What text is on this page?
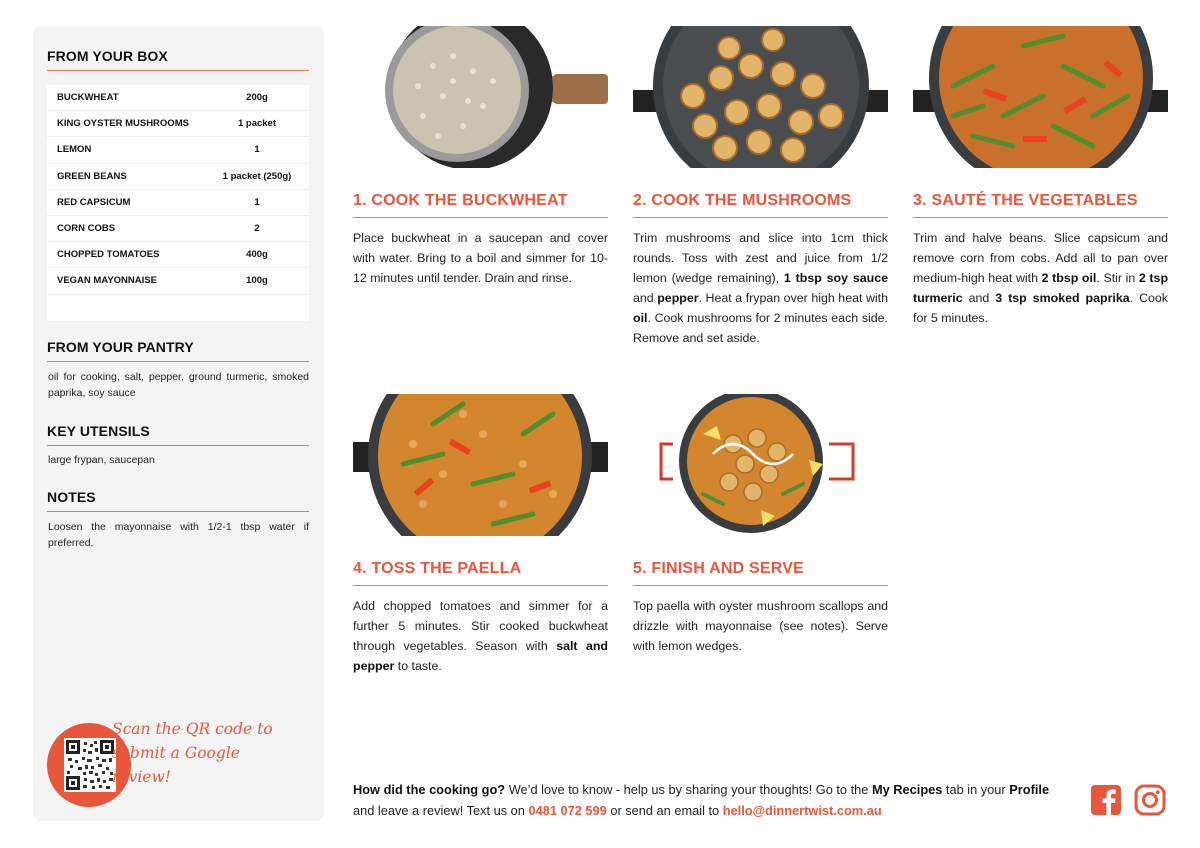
FROM YOUR BOX
BUCKWHEAT	200g
KING OYSTER MUSHROOMS	1 packet
LEMON	1
GREEN BEANS	1 packet (250g)
RED CAPSICUM	1
CORN COBS	2
CHOPPED TOMATOES	400g
VEGAN MAYONNAISE	100g
FROM YOUR PANTRY
oil for cooking, salt, pepper, ground turmeric, smoked paprika, soy sauce
KEY UTENSILS
large frypan, saucepan
NOTES
Loosen the mayonnaise with 1/2-1 tbsp water if preferred.
Scan the QR code to
submit a Google review!
1. COOK THE BUCKWHEAT
Place buckwheat in a saucepan and cover with water. Bring to a boil and simmer for 10-12 minutes until tender. Drain and rinse.
2. COOK THE MUSHROOMS
Trim mushrooms and slice into 1cm thick rounds. Toss with zest and juice from 1/2 lemon (wedge remaining), 1 tbsp soy sauce and pepper. Heat a frypan over high heat with oil. Cook mushrooms for 2 minutes each side. Remove and set aside.
3. SAUTÉ THE VEGETABLES
Trim and halve beans. Slice capsicum and remove corn from cobs. Add all to pan over medium-high heat with 2 tbsp oil. Stir in 2 tsp turmeric and 3 tsp smoked paprika. Cook for 5 minutes.
4. TOSS THE PAELLA
Add chopped tomatoes and simmer for a further 5 minutes. Stir cooked buckwheat through vegetables. Season with salt and pepper to taste.
5. FINISH AND SERVE
Top paella with oyster mushroom scallops and drizzle with mayonnaise (see notes). Serve with lemon wedges.
How did the cooking go? We’d love to know - help us by sharing your thoughts! Go to the My Recipes tab in your Profile and leave a review! Text us on 0481 072 599 or send an email to hello@dinnertwist.com.au
